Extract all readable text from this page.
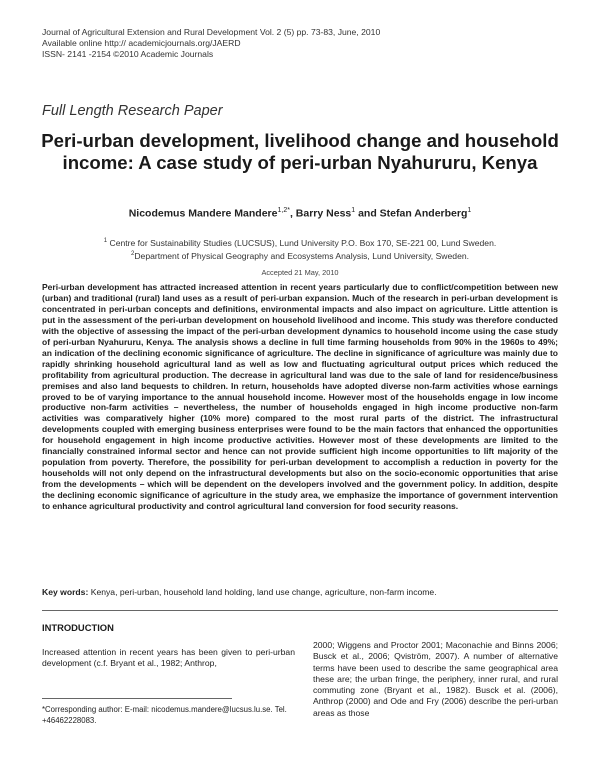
Journal of Agricultural Extension and Rural Development Vol. 2 (5) pp. 73-83, June, 2010
Available online http:// academicjournals.org/JAERD
ISSN- 2141 -2154 ©2010 Academic Journals
Full Length Research Paper
Peri-urban development, livelihood change and household income: A case study of peri-urban Nyahururu, Kenya
Nicodemus Mandere Mandere$^{1,2*}$, Barry Ness$^1$ and Stefan Anderberg$^1$
$^1$ Centre for Sustainability Studies (LUCSUS), Lund University P.O. Box 170, SE-221 00, Lund Sweden.
$^2$Department of Physical Geography and Ecosystems Analysis, Lund University, Sweden.
Accepted 21 May, 2010
Peri-urban development has attracted increased attention in recent years particularly due to conflict/competition between new (urban) and traditional (rural) land uses as a result of peri-urban expansion. Much of the research in peri-urban development is concentrated in peri-urban concepts and definitions, environmental impacts and also impact on agriculture. Little attention is put in the assessment of the peri-urban development on household livelihood and income. This study was therefore conducted with the objective of assessing the impact of the peri-urban development dynamics to household income using the case study of peri-urban Nyahururu, Kenya. The analysis shows a decline in full time farming households from 90% in the 1960s to 49%; an indication of the declining economic significance of agriculture. The decline in significance of agriculture was mainly due to rapidly shrinking household agricultural land as well as low and fluctuating agricultural output prices which reduced the profitability from agricultural production. The decrease in agricultural land was due to the sale of land for residence/business premises and also land bequests to children. In return, households have adopted diverse non-farm activities whose earnings proved to be of varying importance to the annual household income. However most of the households engage in low income productive non-farm activities – nevertheless, the number of households engaged in high income productive non-farm activities was comparatively higher (10% more) compared to the most rural parts of the district. The infrastructural developments coupled with emerging business enterprises were found to be the main factors that enhanced the opportunities for household engagement in high income productive activities. However most of these developments are limited to the financially constrained informal sector and hence can not provide sufficient high income opportunities to lift majority of the population from poverty. Therefore, the possibility for peri-urban development to accomplish a reduction in poverty for the households will not only depend on the infrastructural developments but also on the socio-economic opportunities that arise from the developments – which will be dependent on the developers involved and the government policy. In addition, despite the declining economic significance of agriculture in the study area, we emphasize the importance of government intervention to enhance agricultural productivity and control agricultural land conversion for food security reasons.
Key words: Kenya, peri-urban, household land holding, land use change, agriculture, non-farm income.
INTRODUCTION
Increased attention in recent years has been given to peri-urban development (c.f. Bryant et al., 1982; Anthrop,
2000; Wiggens and Proctor 2001; Maconachie and Binns 2006; Busck et al., 2006; Qviström, 2007). A number of alternative terms have been used to describe the same geographical area these are; the urban fringe, the periphery, inner rural, and rural commuting zone (Bryant et al., 1982). Busck et al. (2006), Anthrop (2000) and Ode and Fry (2006) describe the peri-urban areas as those
*Corresponding author: E-mail: nicodemus.mandere@lucsus.lu.se. Tel. +46462228083.
